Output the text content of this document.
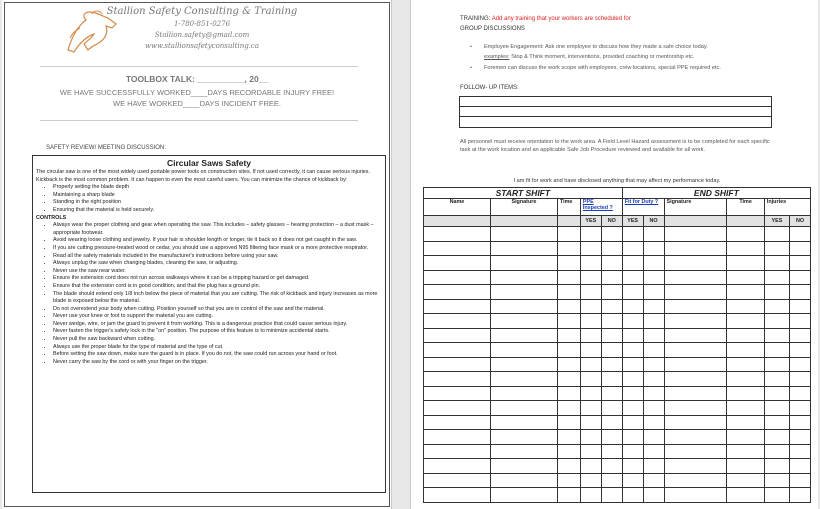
Stallion Safety Consulting & Training
1-780-851-0276
Stallion.safety@gmail.com
www.stallionsafetyconsulting.ca
TOOLBOX TALK: __________, 20__
WE HAVE SUCCESSFULLY WORKED____DAYS RECORDABLE INJURY FREE!
WE HAVE WORKED____DAYS INCIDENT FREE.
SAFETY REVIEW/ MEETING DISCUSSION:
Circular Saws Safety

The circular saw is one of the most widely used portable power tools on construction sites. If not used correctly, it can cause serious injuries.

Kickback is the most common problem. It can happen to even the most careful users. You can minimize the chance of kickback by:

• Properly setting the blade depth
• Maintaining a sharp blade
• Standing in the right position
• Ensuring that the material is held securely.

CONTROLS

• Always wear the proper clothing and gear when operating the saw. This includes – safety glasses – hearing protection – a dust mask – appropriate footwear.
• Avoid wearing loose clothing and jewelry. If your hair is shoulder length or longer, tie it back so it does not get caught in the saw.
• If you are cutting pressure-treated wood or cedar, you should use a approved N95 filtering face mask or a more protective respirator.
• Read all the safety materials included in the manufacturer's instructions before using your saw.
• Always unplug the saw when changing blades, cleaning the saw, or adjusting.
• Never use the saw near water.
• Ensure the extension cord does not run across walkways where it can be a tripping hazard or get damaged.
• Ensure that the extension cord is in good condition, and that the plug has a ground pin.
• The blade should extend only 1/8 inch below the piece of material that you are cutting. The risk of kickback and injury increases as more blade is exposed below the material.
• Do not overextend your body when cutting. Position yourself so that you are in control of the saw and the material.
• Never use your knee or foot to support the material you are cutting.
• Never wedge, wire, or jam the guard to prevent it from working. This is a dangerous practice that could cause serious injury.
• Never fasten the trigger's safety lock in the "on" position. The purpose of this feature is to minimize accidental starts.
• Never pull the saw backward when cutting.
• Always use the proper blade for the type of material and the type of cut.
• Before setting the saw down, make sure the guard is in place. If you do not, the saw could run across your hand or foot.
• Never carry the saw by the cord or with your finger on the trigger.
TRAINING: Add any training that your workers are scheduled for
GROUP DISCUSSIONS
• Employee Engagement: Ask one employee to discuss how they made a safe choice today.
examples: Stop & Think moment, interventions, provided coaching or mentorship etc.
• Foremen can discuss the work scope with employees, crew locations, special PPE required etc.
FOLLOW- UP ITEMS:
All personnel must receive orientation to the work area. A Field Level Hazard assessment is to be completed for each specific task at the work location and an applicable Safe Job Procedure reviewed and available for all work.
I am fit for work and have disclosed anything that may affect my performance today.
START SHIFT					END SHIFT					
Name	Signature	Time	PPE Inspected ?		Fit for Duty ?		Signature	Time	Injuries	
			YES	NO	YES	NO			YES	NO
